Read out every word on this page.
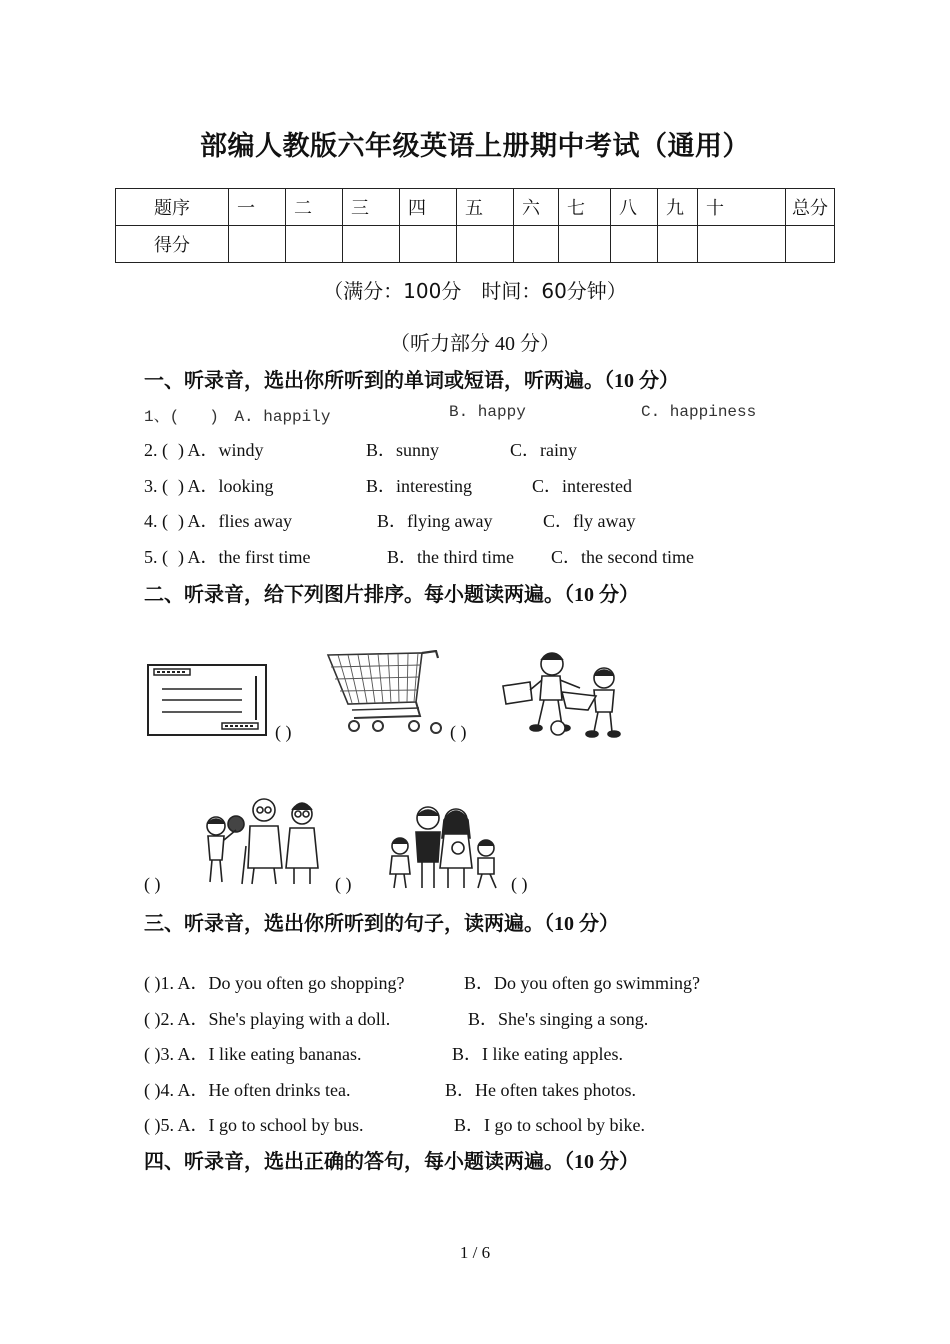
部编人教版六年级英语上册期中考试（通用）
题序	一	二	三	四	五	六	七	八	九	十	总分
得分											
（满分：100分　时间：60分钟）
（听力部分 40 分）
一、听录音，选出你所听到的单词或短语，听两遍。（10 分）
1、( ) A. happily	B. happy	C. happiness
2. ( ) A．windy	B．sunny	C．rainy
3. ( ) A．looking	B．interesting	C．interested
4. ( ) A．flies away	B．flying away	C．fly away
5. ( ) A．the first time	B．the third time C．the second time
二、听录音，给下列图片排序。每小题读两遍。（10 分）
( )	( )
( )	( )	( )
三、听录音，选出你所听到的句子，读两遍。（10 分）
( )1. A．Do you often go shopping?	B．Do you often go swimming?
( )2. A．She's playing with a doll.	B．She's singing a song.
( )3. A．I like eating bananas.	B．I like eating apples.
( )4. A．He often drinks tea.	B．He often takes photos.
( )5. A．I go to school by bus.	B．I go to school by bike.
四、听录音，选出正确的答句，每小题读两遍。（10 分）
1 / 6
